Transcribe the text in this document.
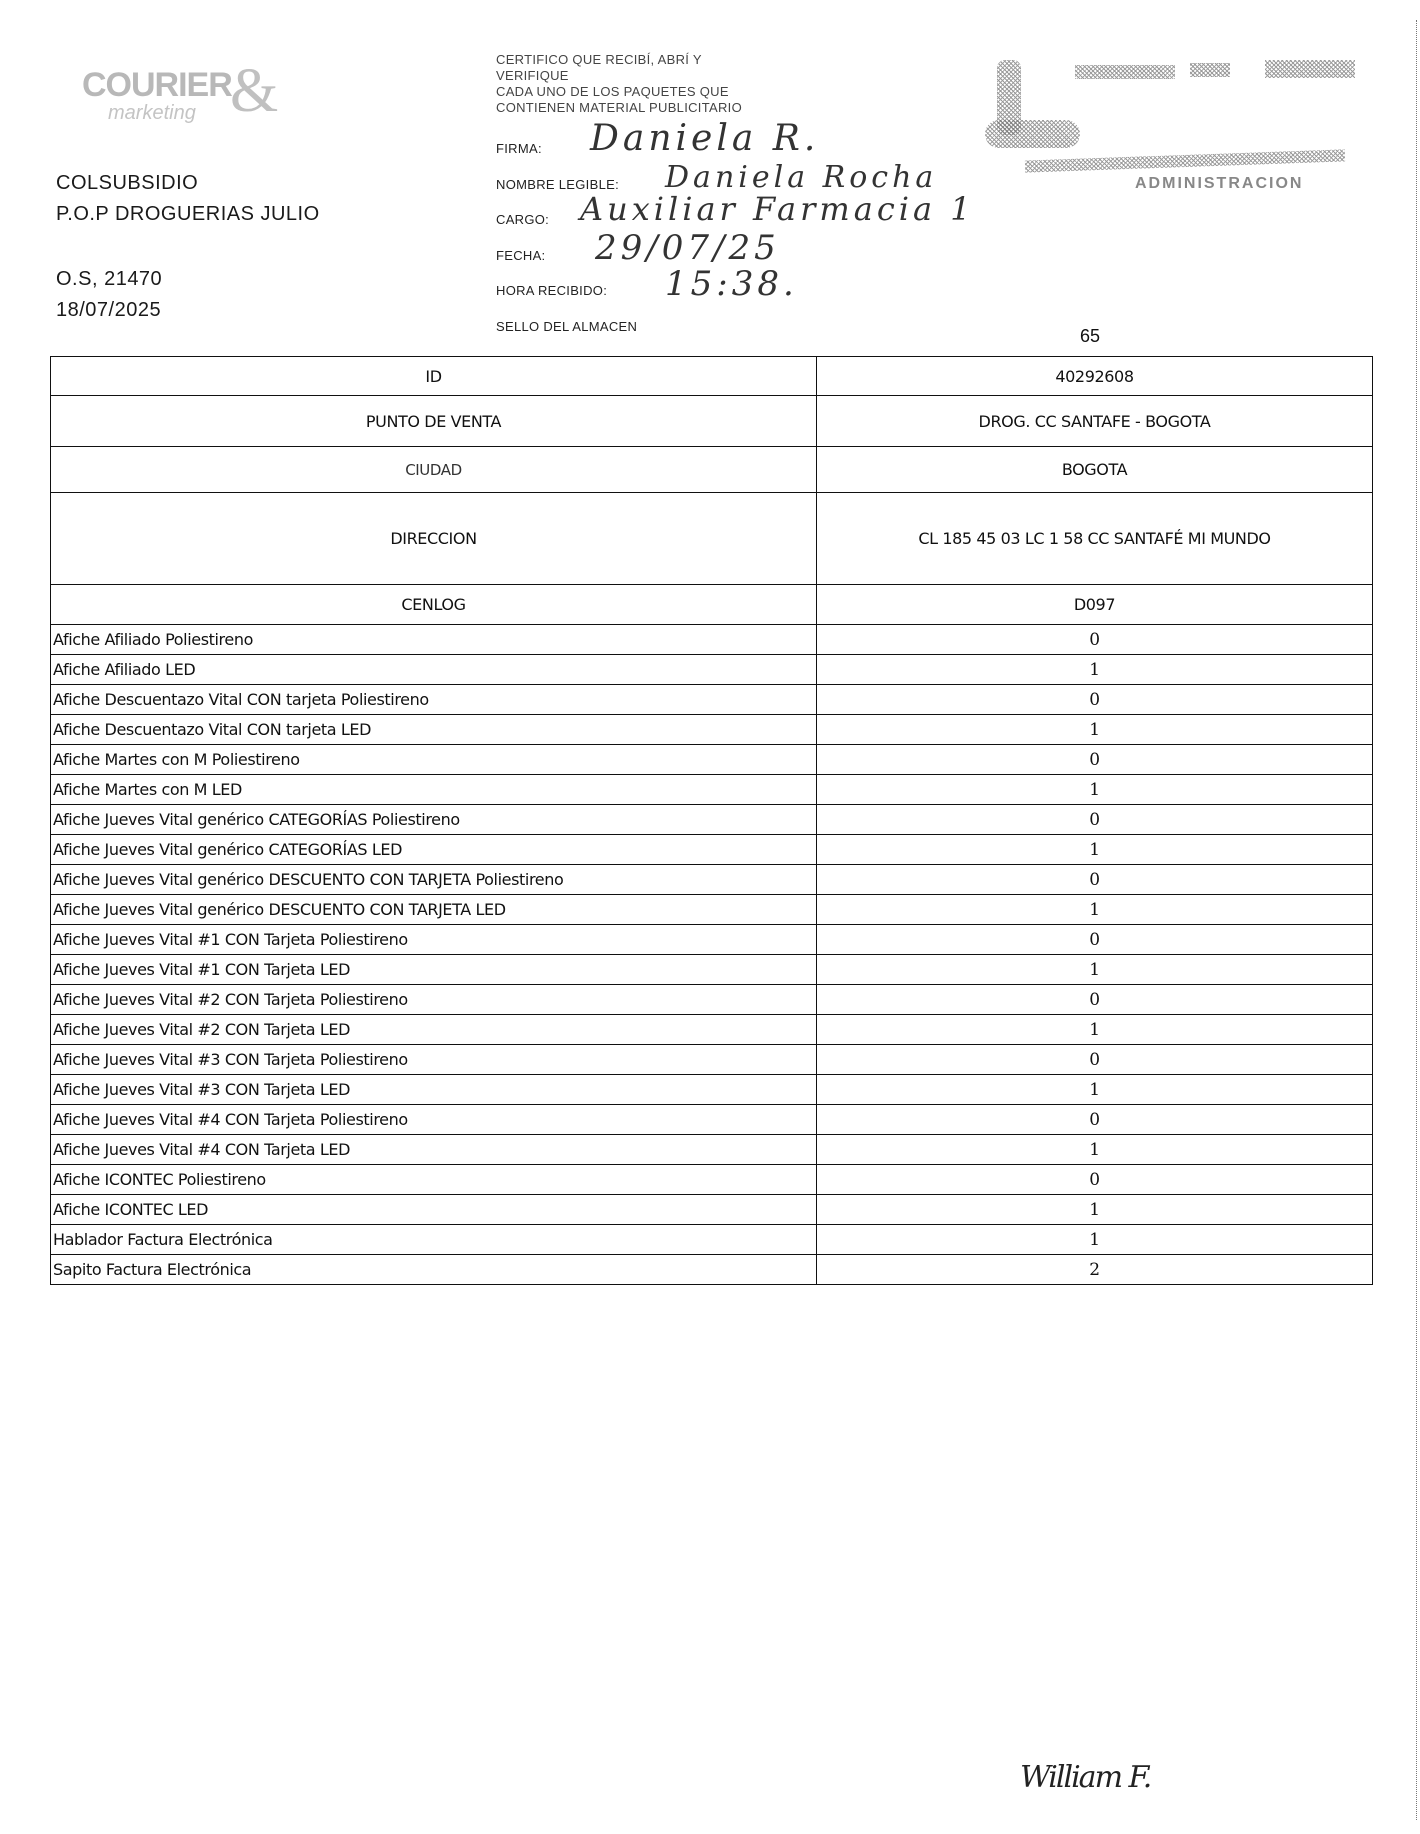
COURIER
marketing &
COLSUBSIDIO
P.O.P DROGUERIAS JULIO
O.S, 21470
18/07/2025
CERTIFICO QUE RECIBÍ, ABRÍ Y
VERIFIQUE
CADA UNO DE LOS PAQUETES QUE
CONTIENEN MATERIAL PUBLICITARIO
FIRMA: Daniela R.
NOMBRE LEGIBLE: Daniela Rocha
CARGO: Auxiliar Farmacia 1
FECHA: 29/07/25
HORA RECIBIDO: 15:38.
SELLO DEL ALMACEN
ADMINISTRACION
65
ID	40292608
PUNTO DE VENTA	DROG. CC SANTAFE - BOGOTA
CIUDAD	BOGOTA
DIRECCION	CL 185 45 03 LC 1 58 CC SANTAFÉ MI MUNDO
CENLOG	D097
Afiche Afiliado Poliestireno	0
Afiche Afiliado LED	1
Afiche Descuentazo Vital CON tarjeta Poliestireno	0
Afiche Descuentazo Vital CON tarjeta LED	1
Afiche Martes con M Poliestireno	0
Afiche Martes con M LED	1
Afiche Jueves Vital genérico CATEGORÍAS Poliestireno	0
Afiche Jueves Vital genérico CATEGORÍAS LED	1
Afiche Jueves Vital genérico DESCUENTO CON TARJETA Poliestireno	0
Afiche Jueves Vital genérico DESCUENTO CON TARJETA LED	1
Afiche Jueves Vital #1 CON Tarjeta Poliestireno	0
Afiche Jueves Vital #1 CON Tarjeta LED	1
Afiche Jueves Vital #2 CON Tarjeta Poliestireno	0
Afiche Jueves Vital #2 CON Tarjeta LED	1
Afiche Jueves Vital #3 CON Tarjeta Poliestireno	0
Afiche Jueves Vital #3 CON Tarjeta LED	1
Afiche Jueves Vital #4 CON Tarjeta Poliestireno	0
Afiche Jueves Vital #4 CON Tarjeta LED	1
Afiche ICONTEC Poliestireno	0
Afiche ICONTEC LED	1
Hablador Factura Electrónica	1
Sapito Factura Electrónica	2
William F.
